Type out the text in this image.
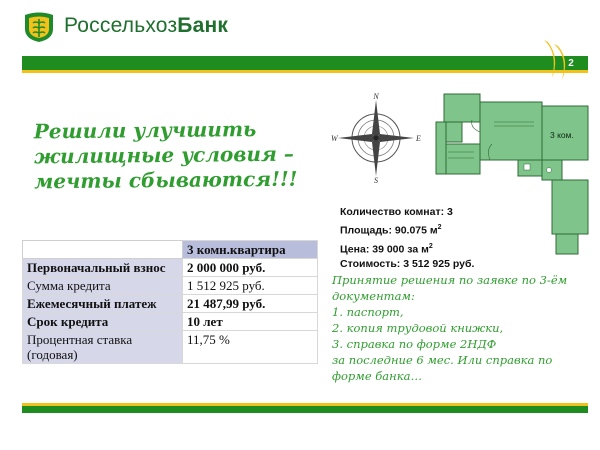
РоссельхозБанк
2
Решили улучшить
жилищные условия –
мечты сбываются!!!
N
S
W	E	3 ком.
Количество комнат: 3
Площадь: 90.075 $м^2$
Цена: 39 000 за $м^2$
Стоимость: 3 512 925 руб.
	3 комн.квартира
Первоначальный взнос	2 000 000 руб.
Сумма кредита	1 512 925 руб.
Ежемесячный платеж	21 487,99 руб.
Срок кредита	10 лет
Процентная ставка (годовая)	11,75 %
Принятие решения по заявке по 3-ём
документам:
1. паспорт,
2. копия трудовой книжки,
3. справка по форме 2НДФ
за последние 6 мес. Или справка по
форме банка…
